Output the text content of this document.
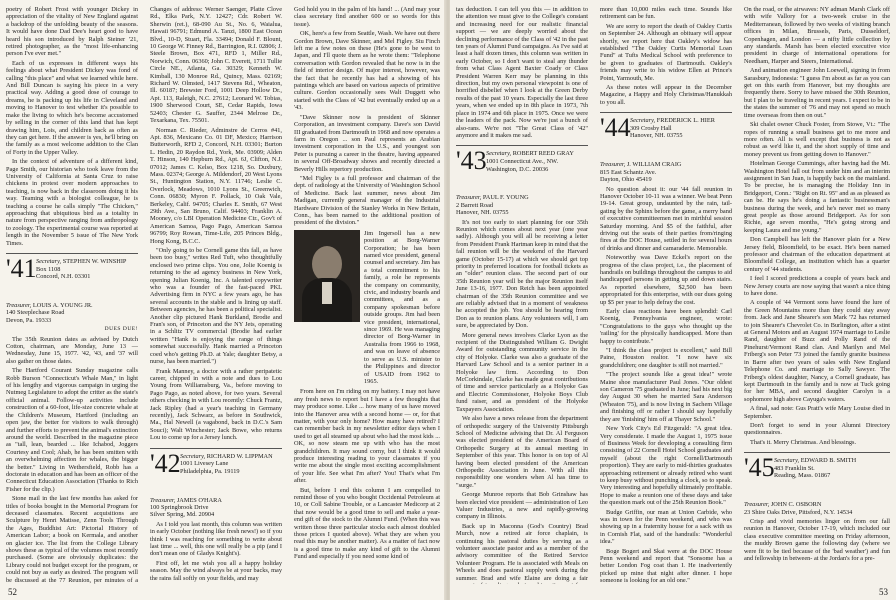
poetry of Robert Frost with younger Dickey in appreciation of the vitality of New England against a backdrop of the unfolding beauty of the seasons. It would have done Dad Dee's heart good to have heard his son introduced by Ralph Steiner '21, retired photographer, as the "most life-enhancing person I've ever met."

Each of us expresses in different ways his feelings about what President Dickey was fond of calling "this place" and what we learned while here. And Bill Duncan is saying his piece in a very practical way. Adding a good dose of courage to dreams, he is packing up his life in Cleveland and moving to Hanover to test whether it's possible to make the living to which he's become accustomed by selling in the corner of this land that has kept drawing him, Lois, and children back as often as they can get here. If the answer is yes, he'll bring on the family as a most welcome addition to the Clan of Forty in the Upper Valley.

In the context of adventure of a different kind, Page Smith, our historian who took leave from the University of California at Santa Cruz to raise chickens in protest over modern approaches to teaching, is now back in the classroom doing it his way. Teaming with a biologist colleague, he is teaching a course he calls simply "The Chicken," approaching that ubiquitous bird as a totality in nature from perspective ranging from anthropology to zoology. The experimental course was reported at length in the November 5 issue of The New York Times.

'41 Secretary, STEPHEN W. WINSHIP
Box 1108
Concord, N.H. 03301

Treasurer, LOUIS A. YOUNG JR.
140 Steeplechase Road
Devon, Pa. 19333

DUES DUE!

The 35th Reunion dates as advised by Dutch Cotton, chairman, are Monday, June 13 — Wednesday, June 15, 1977. '42, '43, and '37 will also gather on those dates.

The Hartford Courant Sunday magazine calls Robb Burson "Connecticut's Whale Man," in light of his lengthy and vigorous campaign in urging the Nutmeg Legislature to adopt the critter as the state's official animal. Follow-up activities include construction of a 60-foot, life-size concrete whale at the Children's Museum, Hartford (including an open jaw, the better for visitors to walk through) and further efforts to prevent the animal's extinction around the world. Described in the magazine piece as "tall, lean, bearded ... like Ichabod, Joggers Courtesy and Cool; Ahab, he has been smitten with an overwhelming affection for whales, the bigger the better." Living in Wethersfield, Robb has a doctorate in education and has been an officer of the Connecticut Education Association (Thanks to Rich Fisher for the clip.)

Stone mail in the last few months has asked for titles of books bought in the Memorial Program for deceased classmates. Recent acquisitions are Sculpture by Henri Matisse, Zenn Tools Through the Ages, Buddhist Art: Pictorial History of American Labor; a book on Kermala, and another on glacier ice. The list from the College Library shows these as typical of the volumes most recently purchased. (Some are obviously duplicates: the Library could not budget except for the program, or could not buy as early as desired. The program will be discussed at the 77 Reunion, per minutes of a

Changes of address: Werner Saenger, Platte Clove Rd., Elka Park, N.Y. 12427; Cdr. Robert W. Sherwin (ret.), 68-090 Au St., No. 6, Waialua, Hawaii 96791; Edmund A. Tanzi, 1800 East Ocean Blvd., 10-D, Stuart, Fla. 33494; Donald F. Blount, 10 George W. Finney Rd., Barrington, R.I. 02806; J. Steele Brown, Box 471, RFD 1, Miller Rd., Norwich, Conn. 06360; John C. Everett, 1711 Tullie Circle NE., Atlanta, Ga. 30329; Kenneth W. Kimball, 130 Monroe Rd., Quincy, Mass. 02169; Richard W. Olmsted, 1417 Stevens Rd., Wheaton, Ill. 60187; Brewster Ford, 1001 Deep Hollow Dr., Apt. 113, Raleigh, N.C. 27612; Leonard W. Tobias, 1900 Sherwood Court, SE, Cedar Rapids, Iowa 52403; Chester G. Sauffer, 2344 Melrose Dr., Texarkana, Tex. 75501.

Norman C. Rieder, Adminstre de Cerros #41, Apt. 836, Mexicano Co. 01 DF, Mexico; Harrison Butterworth, RFD 2, Concord, N.H. 03301; Burton L. Hedin, 20 Raydon Rd., York, Me. 03909; Alden T. Hinson, 140 Hepburn Rd., Apt. 6J, Clifton, N.J. 07012; James C. Kelso, Box 1218, So. Duxbury, Mass. 02374; George A. Mildendorf, 20 West Lyons St., Huntington Station, N.Y. 11746; Leslie C. Overlock, Meadows, 1010 Lyons St., Greenwich, Conn. 06830; Myron F. Pollack, 10 Oak Vale, Berkeley, Calif. 94705; Charles E. Smith, 67 West 29th Ave., San Bruno, Calif. 94403; Franklin A. Mooney, c/o LBI Operation Medicine Ctr., Gov't of American Samoa, Pago Pago, American Samoa 96799; Roy Rowan, Time-Life, 205 Princes Bldg., Hong Kong, B.C.C.

"Only going to be Cornell game this fall, as have been too busy," writes Red Tuft, who thoughtfully enclosed two prime clips. You one, Jolie Koenig is returning to the ad agency business in New York, opening Julian Koenig, Inc. A talented copywriter who was a founder of the fast-paced PKL Advertising firm in NYC a few years ago, he has several accounts in the stable and is lining up staff. Between agencies, he has been a political specialist. Another clip pictured Hank Burkland, Brodie and Fran's son, of Princeton and the NY Jets, operating in a Schlitz TV commercial (Brodie had earlier written "Hank is enjoying the range of things somewhat successfully. Hank married a Princeton coed who's getting Ph.D. at Yale; daughter Betsy, a nurse, has been married.")

Frank Manney, a doctor with a rather peripatetic career, chipped in with a note and dues to Lou Young from Williamsburg, Va., before moving to Pago Pago, as noted above, for two years. Several others checking in with Lou recently: Chuck Frantz, Jack Ripley (had a year's teaching in Germany recently), Jack Schwarz, as before in Southwick, Ma., Hal Newell (a vagabond, back in D.C.'s Sam Souci); Walt Winchester; Jack Bowe, who returns Lou to come up for a Jersey lunch.

'42 Secretary, RICHARD W. LIPPMAN
1001 Livesey Lane
Philadelphia, Pa. 19119

Treasurer, JAMES O'HARA
100 Springbrook Drive
Silver Spring, Md. 20904

As I told you last month, this column was written in early October (nothing like fresh news!) so if you think I was reaching for something to write about last time ... well, this one will really be a pip (and I don't mean one of Gladys Knight's).

First off, let me wish you all a happy holiday season. May the wind always be at your backs, may the rains fall softly on your fields, and may

God hold you in the palm of his hand! ... (And may your class secretary find another 600 or so words for this issue).

OK, here's a few from Seattle, Wash. We have out there Gordon Brown, Dave Skinner, and Mel Figley. Stu Finch left me a few notes on these (He's gone to be west to Japan, and I'll quote them as he wrote them: "Telephone conversation with Gordon revealed that he now is in the field of interior design. Of major interest, however, was the fact that he recently has had a showing of his paintings which are based on various aspects of primitive culture. Gordon occasionally sees Walt Duggett who started with the Class of '42 but eventually ended up as a '43.

"Dave Skinner now is president of Skinner Corporation, an investment company. Dave's son David III graduated from Dartmouth in 1968 and now operates a farm in Oregon ... son Paul represents an Arabian investment corporation in the U.S., and youngest son Peter is pursuing a career in the theatre, having appeared in several Off-Broadway shows and recently directed a Beverly Hills repertory production.

"Mel Figley is a full professor and chairman of the dept. of radiology at the University of Washington School of Medicine. Back last summer, news about Jim Madigan, currently general manager of the Industrial Hardware Division of the Stanley Works in New Britain, Conn., has been named to the additional position of president of the division."

Jim Ingersoll has a new position at Borg-Warner Corporation; he has been named vice president, general counsel and secretary. Jim has a total commitment to his family, a role he represents the company on community, civic, and industry boards and committees, and as a company spokesman before outside groups. Jim had been vice president, international, since 1969. He was managing director of Borg-Warner in Australia from 1966 to 1968, and was on leave of absence to serve as U.S. minister to the Philippines and director of USAID from 1962 to 1965.

From here on I'm riding on my battery. I may not have any fresh news to report but I have a few thoughts that may produce some. Like ... how many of us have moved into the Hanover area with a second home — or, for that matter, with your only home? How many have retired? I can remember back in my newsletter editor days when I used to get all steamed up about who had the most kids ... OK, so now steam me up with who has the most grandchildren. It may sound corny, but I think it would produce interesting reading to your classmates if you write me about the single most exciting accomplishment of your life. See what I'm after? You! That's what I'm after.

But, before I end this column I am compelled to remind those of you who bought Occidental Petroleum at 10, or Coll Sabine Trouble, or a Lancaster Medicorp at 2 that now would be a good time to sell and make a year-end gift of the stock to the Alumni Fund. (When this was written those three particular stocks each almost doubled those prices I quoted above). What they are when you read this may be another matter). As a matter of fact now is a good time to make any kind of gift to the Alumni Fund and especially if you need some kind of

52

tax deduction. I can tell you this — in addition to the attention we must give to the College's constant and increasing need for our realistic financial support — we are deeply worried about the declining performance of the Class of '42 in the past ten years of Alumni Fund campaigns. As I've said at least a half dozen times, this column was written in early October, so I don't want to steal any thunder from what Class Agent Baxter Coady or Class President Warren Kerr may be planning in this direction, but my own personal viewpoint is one of horrified disbelief when I look at the Green Derby results of the past 10 years. Especially the last three years, when we ended up in 8th place in 1973, 7th place in 1974 and 6th place in 1975. Once we were the leaders of the pack. Now we're just a bunch of also-rans. We're not "The Great Class of '42" anymore and it makes me sad.

'43 Secretary, ROBERT REED GRAY
1001 Connecticut Ave., NW.
Washington, D.C. 20036

Treasurer, PAUL F. YOUNG
2 Barrett Road
Hanover, NH. 03755

It's not too early to start planning for our 35th Reunion which comes about next year (one year sadly). Although you will all be receiving a letter from President Frank Hartman keep in mind that the fall reunion will be the weekend of the Harvard game (October 15-17) at which we should get top priority in preferred locations for football tickets as an "older" reunion class. The second part of our 35th Reunion year will be the major Reunion itself June 13-16, 1977. Don Reich has been appointed chairman of the 35th Reunion committee and we are reliably advised that in a moment of weakness he accepted the job. You should be hearing from Don as to reunion plans. Any volunteers will, I am sure, be appreciated by Don.

More general news involves Clarke Lyon as the recipient of the Distinguished William G. Dwight Award for outstanding community service in the city of Holyoke. Clarke was also a graduate of the Harvard Law School and is a senior partner in a Holyoke law firm. According to Don McCorkindale, Clarke has made great contributions of time and service particularly as a Holyoke Gas and Electric Commissioner, Holyoke Boys Club fund raiser, and as president of the Holyoke Taxpayers Association.

We also have a news release from the department of orthopedic surgery of the University Pittsburgh School of Medicine advising that Dr. Al Ferguson was elected president of the American Board of Orthopedic Surgery at its annual meeting in September of this year. This honor is on top of Al having been elected president of the American Orthopedic Association in June. With all this responsibility one wonders when Al has time to "surge."

George Munroe reports that Bob Grinshaw has been elected vice president — administration of Leo Valuer Industries, a new and rapidly-growing company in Illinois.

Back up in Maconna (God's Country) Brad Murch, now a retired air force chaplain, is continuing his pastoral duties by serving as a volunteer associate pastor and as a member of the advisory committee of the Retired Service Volunteer Program. He is associated with Meals on Wheels and does pastoral supply work during the summer. Brad and wife Elaine are doing a fair

more than 10,000 miles each time. Sounds like retirement can be fun.

We are sorry to report the death of Oakley Curtis on September 24. Although an obituary will appear shortly, we report here that Oakley's widow has established "The Oakley Curtis Memorial Loan Fund" at Tufts Medical School with preference to be given to graduates of Dartmouth. Oakley's friends may write to his widow Ellen at Prince's Point, Yarmouth, Me.

As these notes will appear in the December Magazine, a Happy and Holy Christmas/Hanukkah to you all.

'44 Secretary, FREDERICK L. HIER
309 Crosby Hall
Hanover, NH. 03755

Treasurer, J. WILLIAM CRAIG
815 East Schantz Ave.
Dayton, Ohio 45419

No question about it: our '44 fall reunion in Hanover October 10-11 was a winner. We beat Penn 19-14. Great group, undaunted by the rain, tail-gating by the Sphinx before the game, a merry band of executive committeemen met in mirthful session Saturday morning. And $5 of the faithful, after driving out the seats of their parties from/ringing fires at the DOC House, settled in for several hours of drinks and dinner and camaraderie. Memorable.

Noteworthy was Dave Eckel's report on the progress of the class project, i.e., the placement of handrails on buildings throughout the campus to aid handicapped persons in getting up and down stairs. As reported elsewhere, $2,500 has been appropriated for this enterprise, with our dues going up $5 per year to help defray the cost.

Early class reactions have been splendid: Carl Koenig, Pennsylvania engineer, wrote: "Congratulations to the guys who thought up the 'railing' for the physically handicapped. More than happy to contribute."

"I think the class project is excellent," said Bill Paine, Houston realtor. "I now have six grandchildren; one daughter is still not married."

"The project sounds like a great idea!" wrote Maine shoe manufacturer Paul Jones. "Our oldest son Cameron '75 graduated in June; had his next big day August 30 when he married Sara Anderson (Wheaton '75), and is now living in Sachem Village and finishing off or rather I should say hopefully they are 'finishing' him off at Thayer School."

New York City's Ed Fitzgerald: "A great idea. Very considerate. I made the August 1, 1975 issue of Business Week for developing a consulting firm consisting of 22 Cornell Hotel School graduates and myself (about the right Cornell/Dartmouth proportion). They are early to mid-thirties graduates approaching retirement or already retired who want to keep busy without punching a clock, so to speak. Very interesting and hopefully ultimately profitable. Hope to make a reunion one of these days and take the question mark out of the 25th Reunion Book."

Budge Griffin, our man at Union Carbide, who was in town for the Penn weekend, and who was showing up in a fraternity house for a sack with us in Cornish Flat, said of the handrails: "Wonderful idea."

Boge Bogert and Skai were at the DOC House Penn weekend and report that "Sonsome has a better London Fog coat than I. He inadvertently picked up mine that night after dinner. I hope someone is looking for an old one."

On the road, or the airwaves: NY adman Marsh Clark off with wife Vallory for a two-week cruise in the Mediterranean, followed by two weeks of visiting branch offices in Milan, Brussels, Paris, Dusseldorf, Copenhagen, and London — a nifty little collection by any standards. Marsh has been elected executive vice president in charge of international operations for Needham, Harper and Steers, International.

And animation engineer John Loewell, signing in from Sarasbury, Indonesia: "I guess I'm about as far as you can get on this earth from Hanover, but my thoughts are frequently there. Sorry to have missed the 30th Reunion, but I plan to be traveling in recent years. I expect to be in the states the summer of '76 and may not spend so much time overseas from then on out."

Ski chalet owner Chuck Foster, from Stowe, Vt.: "The ropes of running a small business get to me more and more often. All is well except that business is not as robust as we'd like it, and the short supply of time and money prevent us from getting down to Hanover."

Hotelman George Cummings, after having had the Mt. Washington Hotel fall out from under him and an interim assignment in San Juan, is happily back on the mainland. To be precise, he is managing the Holiday Inn in Bridgeport, Conn.: "Right on Rt. 95" and as as pleased as can be. He says he's doing a fantastic businessman's business during the week, and he's never met so many great people as those around Bridgeport. As for son Richie, age seven months, "He's going strong and keeping Laura and me young."

Don Campbell has left the Hanover plain for a New Jersey field, Bloomfield, to be exact. He's been named professor and chairman of the education department at Bloomfield College, an institution which has a quarter century of '44 students.

I feel I scored predictions a couple of years back and New Jersey courts are now saying that wasn't a nice thing to have done.

A couple of '44 Vermont sons have found the lure of the Green Mountains more than they could stay away from. Jack and Jane Shearer's son Mark '72 has returned to join Shearer's Chevrolet Co. in Burlington, after a stint at General Motors and an August 1974 marriage to Leslie Rand, daughter of Buzz and Polly Rand of the Pinehurst/Vermont Rand clan. And Marilyn and Mel Friberg's son Peter '73 joined the family granite business in Barre after two years of sales with New England Telephone Co. and marriage to Sally Sawyer. The Friberg's oldest daughter, Nancy, a Cornell graduate, has kept Dartmouth in the family and is now at Tuck going for her MBA, and second daughter Carolyn is a sophomore high above Cayuga's waters.

A final, sad note: Gus Pratt's wife Mary Louise died in September.

Don't forget to send in your Alumni Directory questionnaires.

That's it. Merry Christmas. And blessings.

'45 Secretary, EDWARD B. SMITH
483 Franklin St.
Reading, Mass. 01867

Treasurer, JOHN C. OSBORN
23 Shire Oaks Drive, Pittsford, N.Y. 14534

Crisp and vivid memories linger on from our fall reunion in Hanover, October 17-19, which included our class executive committee meeting on Friday afternoon, the muddy Brown game the following day (where we were fit to be tied because of the 'bad weather') and fun and fellowship in between- at the Jordan's for a pre-

53
